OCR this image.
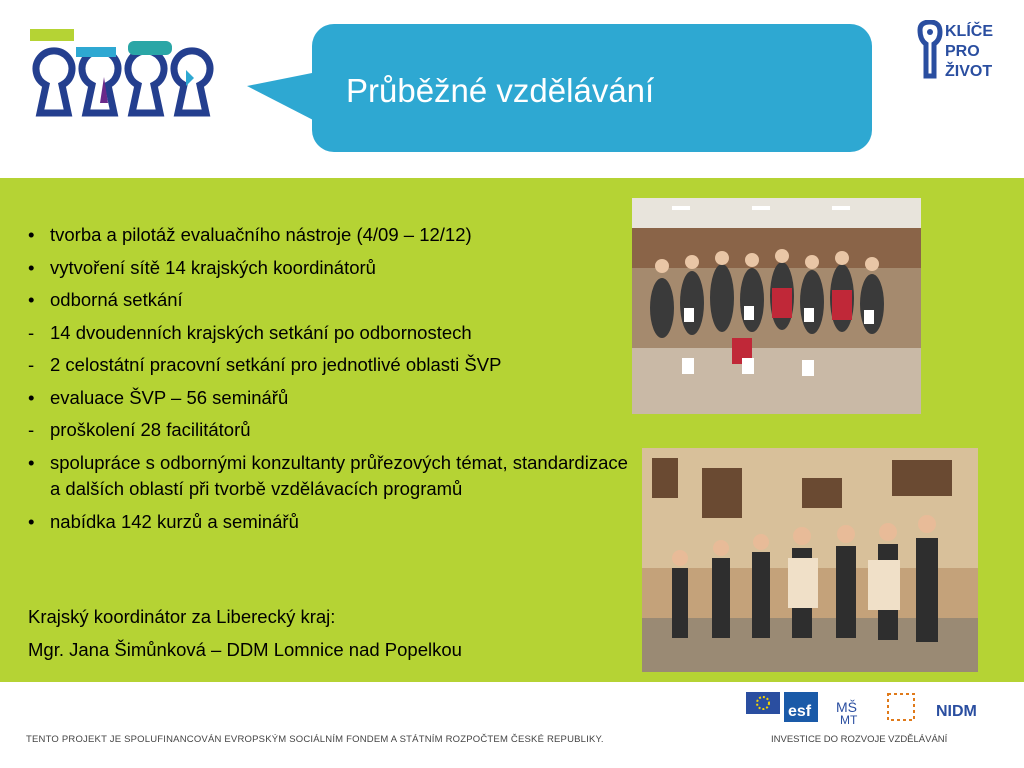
Průběžné vzdělávání
KLÍČE
PRO
ŽIVOT
• tvorba a pilotáž evaluačního nástroje (4/09 – 12/12)
• vytvoření sítě 14 krajských koordinátorů
• odborná setkání
- 14 dvoudenních krajských setkání po odbornostech
- 2 celostátní pracovní setkání pro jednotlivé oblasti ŠVP
• evaluace ŠVP – 56 seminářů
- proškolení 28 facilitátorů
• spolupráce s odbornými konzultanty průřezových témat, standardizace a dalších oblastí při tvorbě vzdělávacích programů
• nabídka 142 kurzů a seminářů
Krajský koordinátor za Liberecký kraj:
Mgr. Jana Šimůnková – DDM Lomnice nad Popelkou
esf MŠ
MT	NIDM
TENTO PROJEKT JE SPOLUFINANCOVÁN EVROPSKÝM SOCIÁLNÍM FONDEM A STÁTNÍM ROZPOČTEM ČESKÉ REPUBLIKY.	INVESTICE DO ROZVOJE VZDĚLÁVÁNÍ
